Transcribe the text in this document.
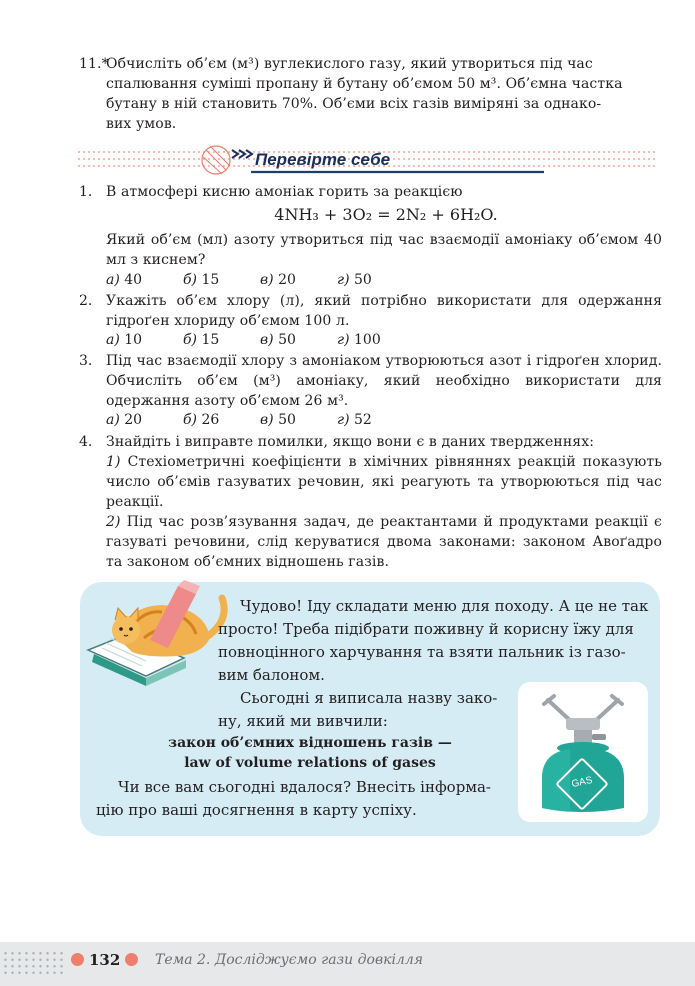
11.*
Обчисліть об’єм (м³) вуглекислого газу, який утвориться під час
спалювання суміші пропану й бутану об’ємом 50 м³. Об’ємна частка
бутану в ній становить 70%. Об’єми всіх газів виміряні за однако-
вих умов.
Перевірте себе
1. В атмосфері кисню амоніак горить за реакцією
4NH₃ + 3O₂ = 2N₂ + 6H₂O.
Який об’єм (мл) азоту утвориться під час взаємодії амоніаку об’ємом 40 мл з киснем?
а) 40	б) 15	в) 20	г) 50
2. Укажіть об’єм хлору (л), який потрібно використати для одержання гідроґен хлориду об’ємом 100 л.
а) 10	б) 15	в) 50	г) 100
3. Під час взаємодії хлору з амоніаком утворюються азот і гідроґен хлорид. Обчисліть об’єм (м³) амоніаку, який необхідно використати для одержання азоту об’ємом 26 м³.
а) 20	б) 26	в) 50	г) 52
4. Знайдіть і виправте помилки, якщо вони є в даних твердженнях:
1) Стехіометричні коефіцієнти в хімічних рівняннях реакцій показують число об’ємів газуватих речовин, які реагують та утворюються під час реакції.
2) Під час розв’язування задач, де реактантами й продуктами реакції є газуваті речовини, слід керуватися двома законами: законом Авоґадро та законом об’ємних відношень газів.
Чудово! Іду складати меню для походу. А це не так
просто! Треба підібрати поживну й корисну їжу для
повноцінного харчування та взяти пальник із газо-
вим балоном.
Сьогодні я виписала назву зако-
ну, який ми вивчили:
закон об’ємних відношень газів —
law of volume relations of gases
Чи все вам сьогодні вдалося? Внесіть інформа-
цію про ваші досягнення в карту успіху.
GAS
132 Тема 2. Досліджуємо гази довкілля
